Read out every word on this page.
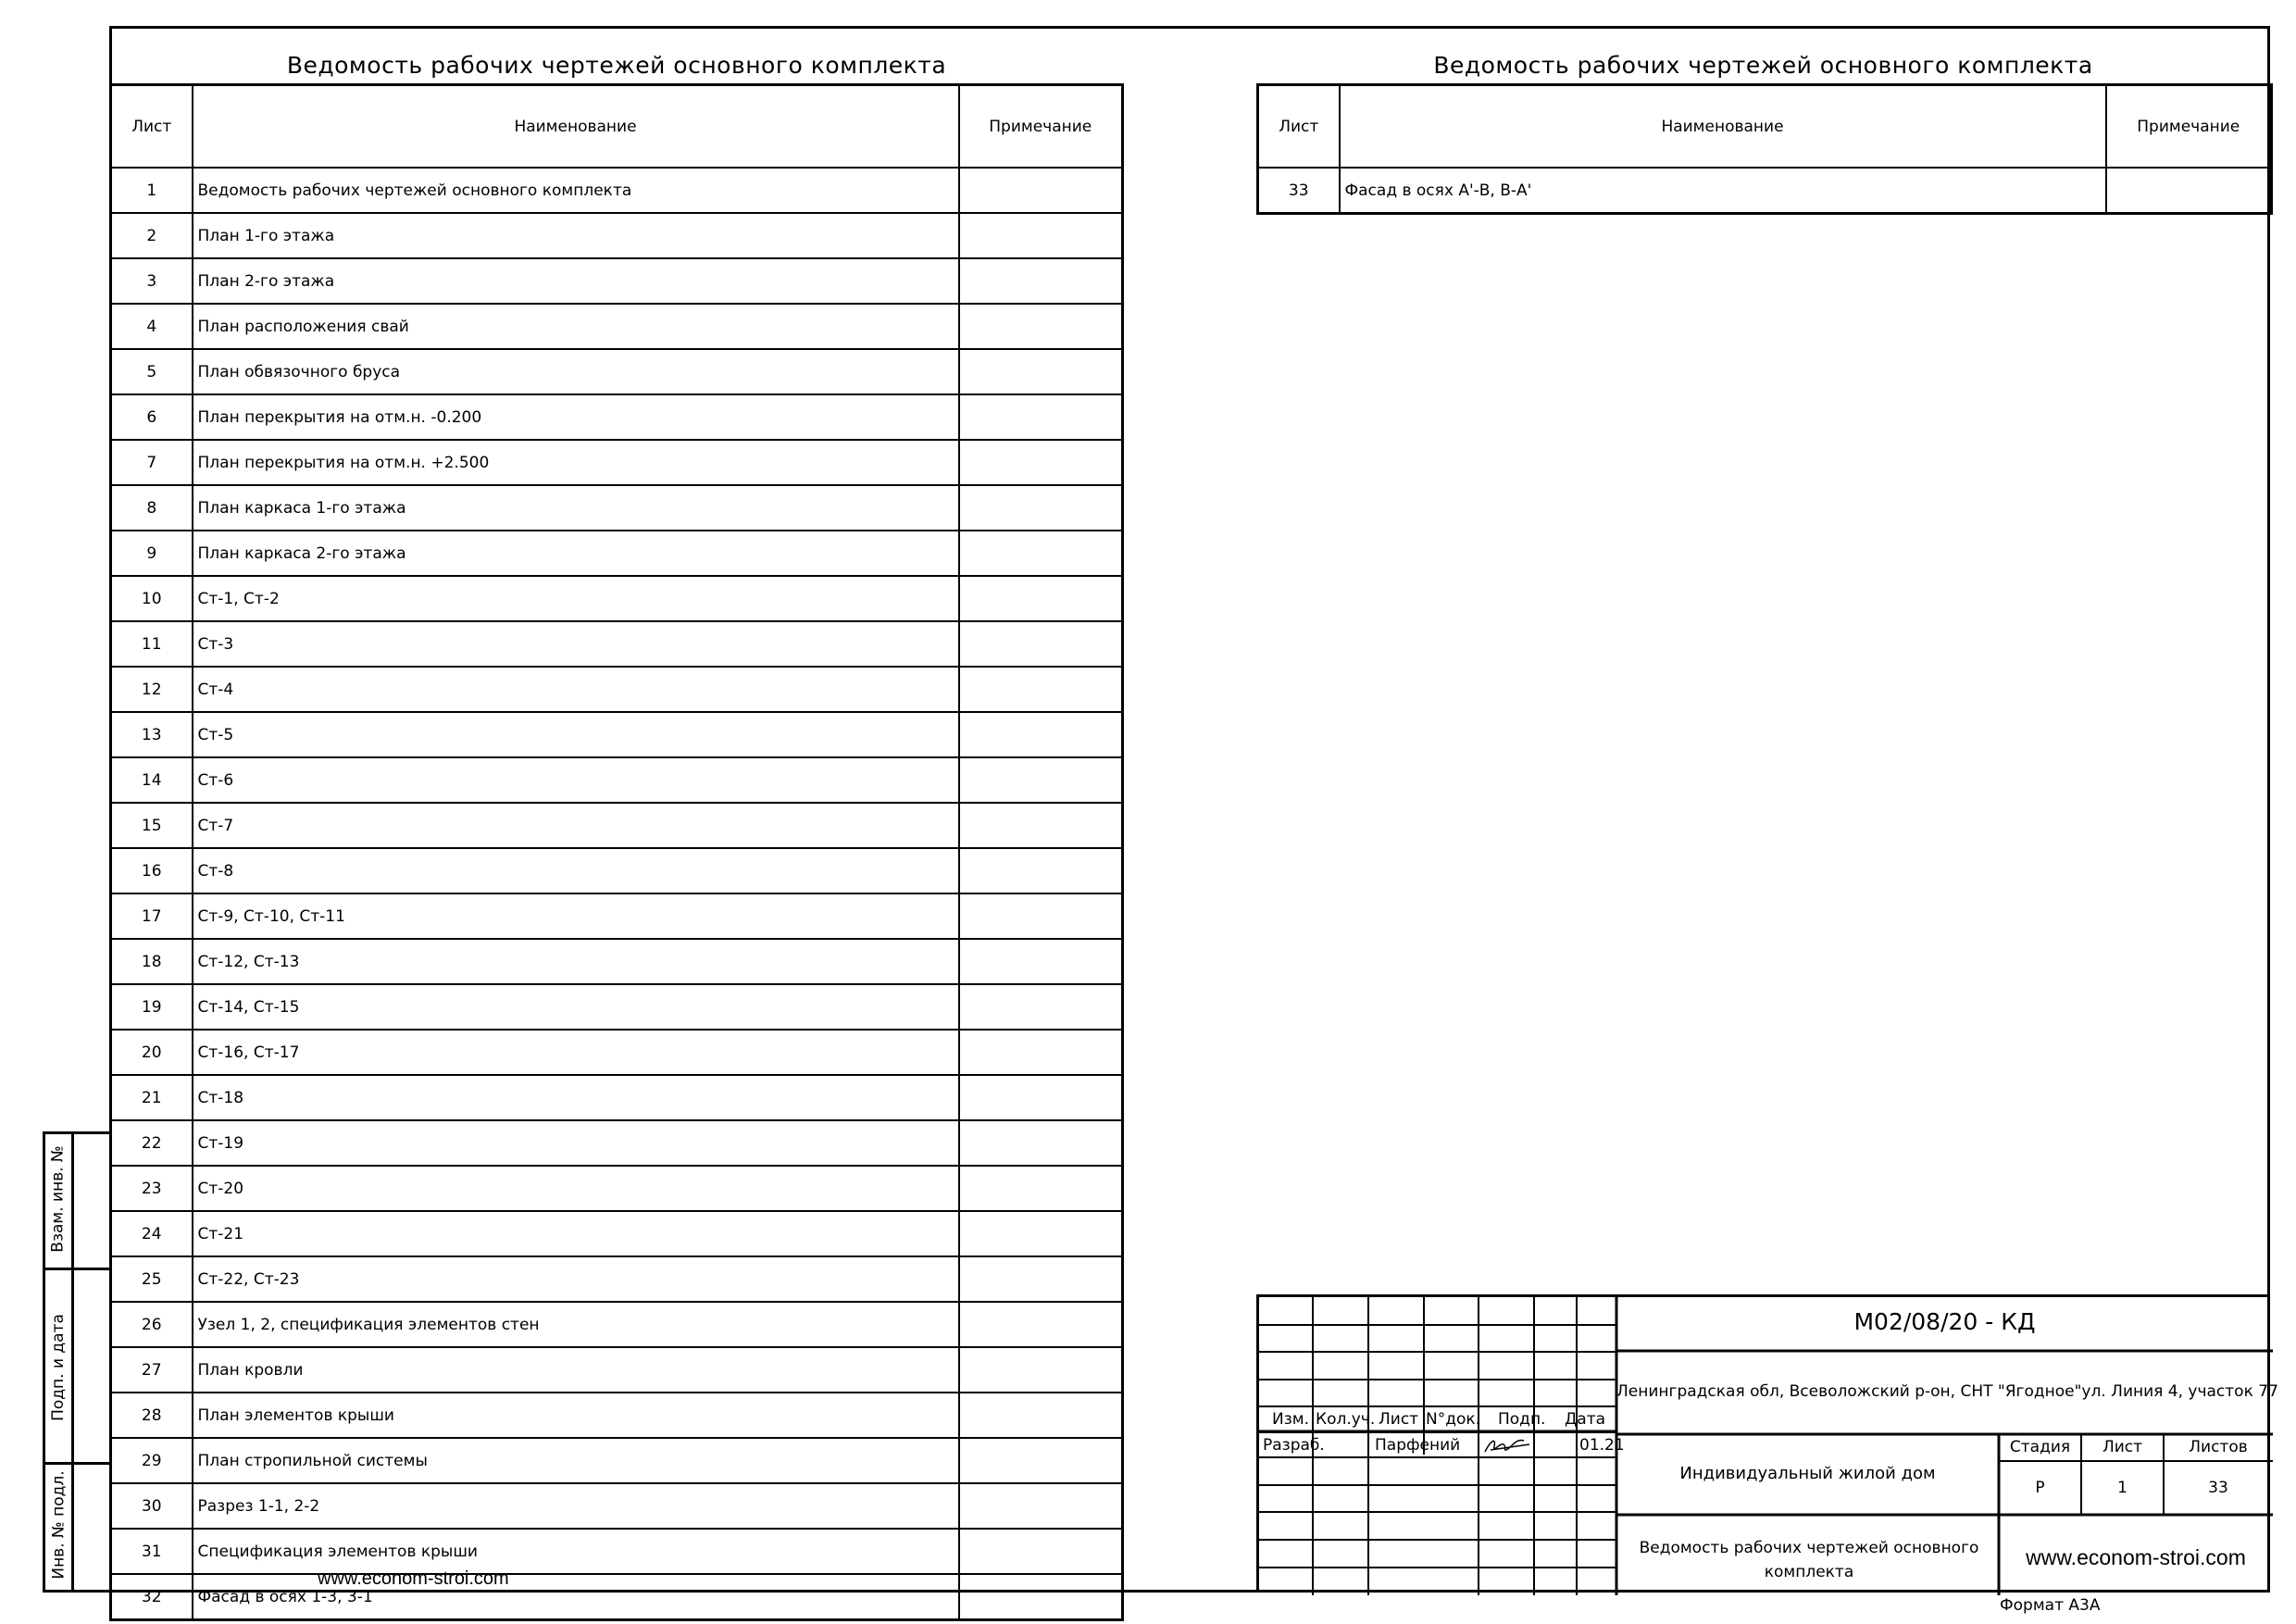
Взам. инв. №
Подп. и дата
Инв. № подл.
Ведомость рабочих чертежей основного комплекта
Лист	Наименование	Примечание
1	Ведомость рабочих чертежей основного комплекта	
2	План 1-го этажа	
3	План 2-го этажа	
4	План расположения свай	
5	План обвязочного бруса	
6	План перекрытия на отм.н. -0.200	
7	План перекрытия на отм.н. +2.500	
8	План каркаса 1-го этажа	
9	План каркаса 2-го этажа	
10	Ст-1, Ст-2	
11	Ст-3	
12	Ст-4	
13	Ст-5	
14	Ст-6	
15	Ст-7	
16	Ст-8	
17	Ст-9, Ст-10, Ст-11	
18	Ст-12, Ст-13	
19	Ст-14, Ст-15	
20	Ст-16, Ст-17	
21	Ст-18	
22	Ст-19	
23	Ст-20	
24	Ст-21	
25	Ст-22, Ст-23	
26	Узел 1, 2, спецификация элементов стен	
27	План кровли	
28	План элементов крыши	
29	План стропильной системы	
30	Разрез 1-1, 2-2	
31	Спецификация элементов крыши	
32	Фасад в осях 1-3, 3-1	
Ведомость рабочих чертежей основного комплекта
Лист	Наименование	Примечание
33	Фасад в осях А'-В, В-А'	
www.econom-stroi.com
Изм. Кол.уч. Лист N°док. Подп. Дата
Разраб.	Парфений	01.21
М02/08/20 - КД
Ленинградская обл, Всеволожский р-он, СНТ "Ягодное"ул. Линия 4, участок 77
Индивидуальный жилой дом
Ведомость рабочих чертежей основного комплекта
www.econom-stroi.com
Стадия	Лист	Листов
Р	1	33
Формат А3А
